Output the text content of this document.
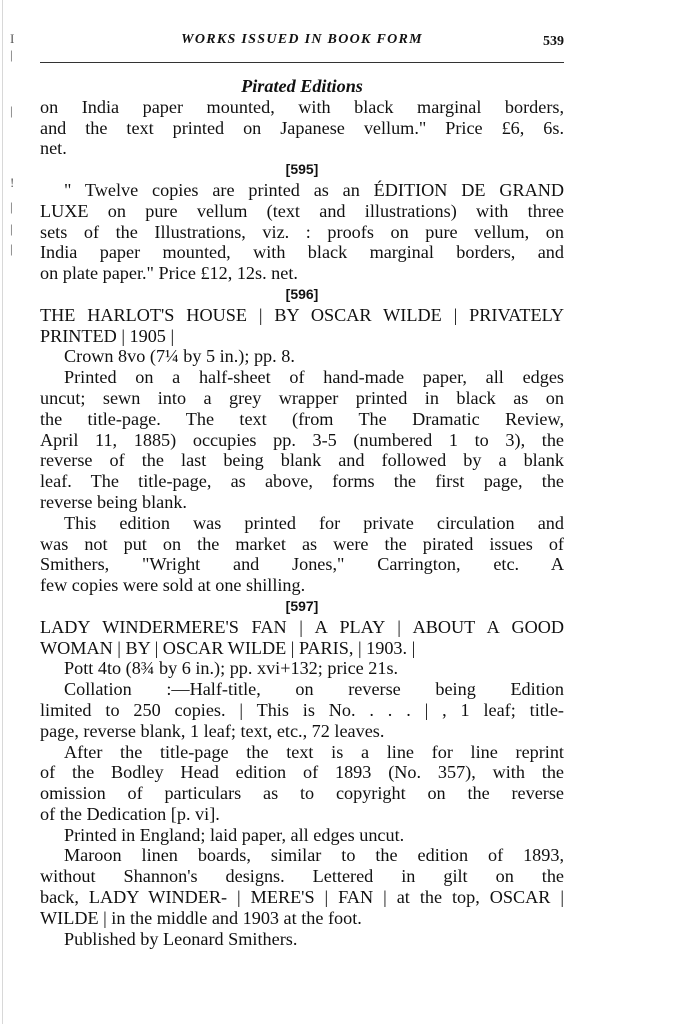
I
|
|
!
|
|
|
WORKS ISSUED IN BOOK FORM	539
Pirated Editions
on India paper mounted, with black marginal borders,
and the text printed on Japanese vellum." Price £6, 6s.
net.
[595]
" Twelve copies are printed as an ÉDITION DE GRAND
LUXE on pure vellum (text and illustrations) with three
sets of the Illustrations, viz. : proofs on pure vellum, on
India paper mounted, with black marginal borders, and
on plate paper." Price £12, 12s. net.
[596]
THE HARLOT'S HOUSE | BY OSCAR WILDE | PRIVATELY
PRINTED | 1905 |
Crown 8vo (7¼ by 5 in.); pp. 8.
Printed on a half-sheet of hand-made paper, all edges
uncut; sewn into a grey wrapper printed in black as on
the title-page. The text (from The Dramatic Review,
April 11, 1885) occupies pp. 3-5 (numbered 1 to 3), the
reverse of the last being blank and followed by a blank
leaf. The title-page, as above, forms the first page, the
reverse being blank.
This edition was printed for private circulation and
was not put on the market as were the pirated issues of
Smithers, "Wright and Jones," Carrington, etc. A
few copies were sold at one shilling.
[597]
LADY WINDERMERE'S FAN | A PLAY | ABOUT A GOOD
WOMAN | BY | OSCAR WILDE | PARIS, | 1903. |
Pott 4to (8¾ by 6 in.); pp. xvi+132; price 21s.
Collation :—Half-title, on reverse being Edition
limited to 250 copies. | This is No. . . . | , 1 leaf; title-
page, reverse blank, 1 leaf; text, etc., 72 leaves.
After the title-page the text is a line for line reprint
of the Bodley Head edition of 1893 (No. 357), with the
omission of particulars as to copyright on the reverse
of the Dedication [p. vi].
Printed in England; laid paper, all edges uncut.
Maroon linen boards, similar to the edition of 1893,
without Shannon's designs. Lettered in gilt on the
back, LADY WINDER- | MERE'S | FAN | at the top, OSCAR |
WILDE | in the middle and 1903 at the foot.
Published by Leonard Smithers.
